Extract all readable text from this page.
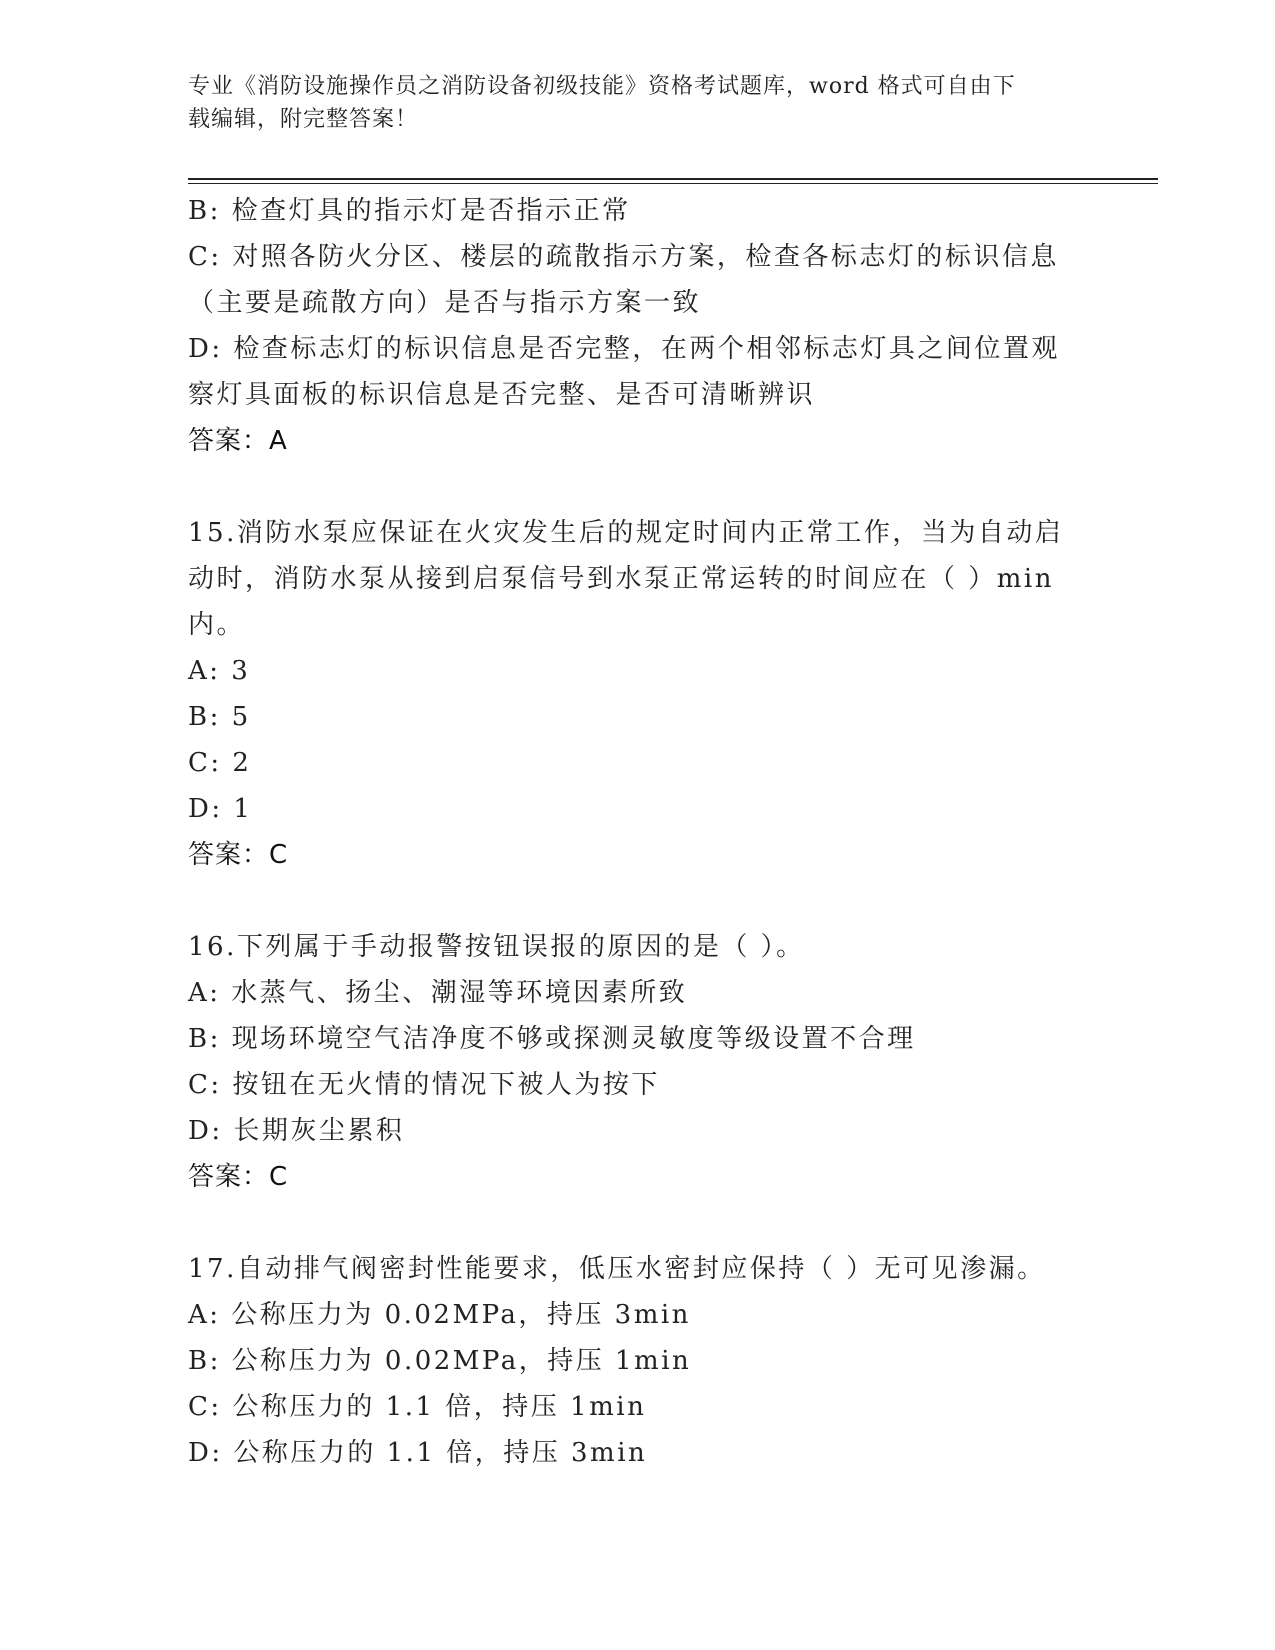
专业《消防设施操作员之消防设备初级技能》资格考试题库，word 格式可自由下
载编辑，附完整答案！
B: 检查灯具的指示灯是否指示正常
C: 对照各防火分区、楼层的疏散指示方案，检查各标志灯的标识信息
（主要是疏散方向）是否与指示方案一致
D: 检查标志灯的标识信息是否完整，在两个相邻标志灯具之间位置观
察灯具面板的标识信息是否完整、是否可清晰辨识
答案：A
15.消防水泵应保证在火灾发生后的规定时间内正常工作，当为自动启
动时，消防水泵从接到启泵信号到水泵正常运转的时间应在（ ）min
内。
A: 3
B: 5
C: 2
D: 1
答案：C
16.下列属于手动报警按钮误报的原因的是（ ）。
A: 水蒸气、扬尘、潮湿等环境因素所致
B: 现场环境空气洁净度不够或探测灵敏度等级设置不合理
C: 按钮在无火情的情况下被人为按下
D: 长期灰尘累积
答案：C
17.自动排气阀密封性能要求，低压水密封应保持（ ）无可见渗漏。
A: 公称压力为 0.02MPa，持压 3min
B: 公称压力为 0.02MPa，持压 1min
C: 公称压力的 1.1 倍，持压 1min
D: 公称压力的 1.1 倍，持压 3min
